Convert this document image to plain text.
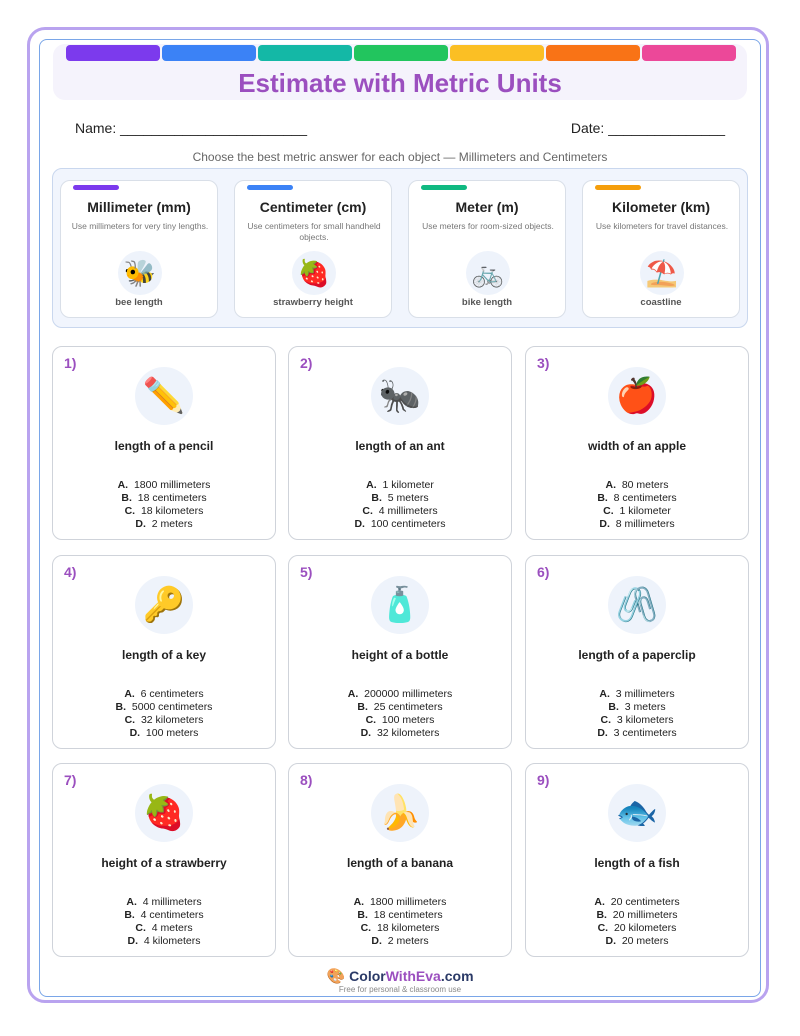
Estimate with Metric Units
Name: ________________________	Date: _______________
Choose the best metric answer for each object — Millimeters and Centimeters
Millimeter (mm)
Use millimeters for very tiny lengths.
🐝
bee length
Centimeter (cm)
Use centimeters for small handheld objects.
🍓
strawberry height
Meter (m)
Use meters for room-sized objects.
🚲
bike length
Kilometer (km)
Use kilometers for travel distances.
⛱️
coastline
1)
✏️
length of a pencil
A. 1800 millimeters
B. 18 centimeters
C. 18 kilometers
D. 2 meters
2)
🐜
length of an ant
A. 1 kilometer
B. 5 meters
C. 4 millimeters
D. 100 centimeters
3)
🍎
width of an apple
A. 80 meters
B. 8 centimeters
C. 1 kilometer
D. 8 millimeters
4)
🔑
length of a key
A. 6 centimeters
B. 5000 centimeters
C. 32 kilometers
D. 100 meters
5)
🧴
height of a bottle
A. 200000 millimeters
B. 25 centimeters
C. 100 meters
D. 32 kilometers
6)
🖇️
length of a paperclip
A. 3 millimeters
B. 3 meters
C. 3 kilometers
D. 3 centimeters
7)
🍓
height of a strawberry
A. 4 millimeters
B. 4 centimeters
C. 4 meters
D. 4 kilometers
8)
🍌
length of a banana
A. 1800 millimeters
B. 18 centimeters
C. 18 kilometers
D. 2 meters
9)
🐟
length of a fish
A. 20 centimeters
B. 20 millimeters
C. 20 kilometers
D. 20 meters
🎨 ColorWithEva.com
Free for personal & classroom use
